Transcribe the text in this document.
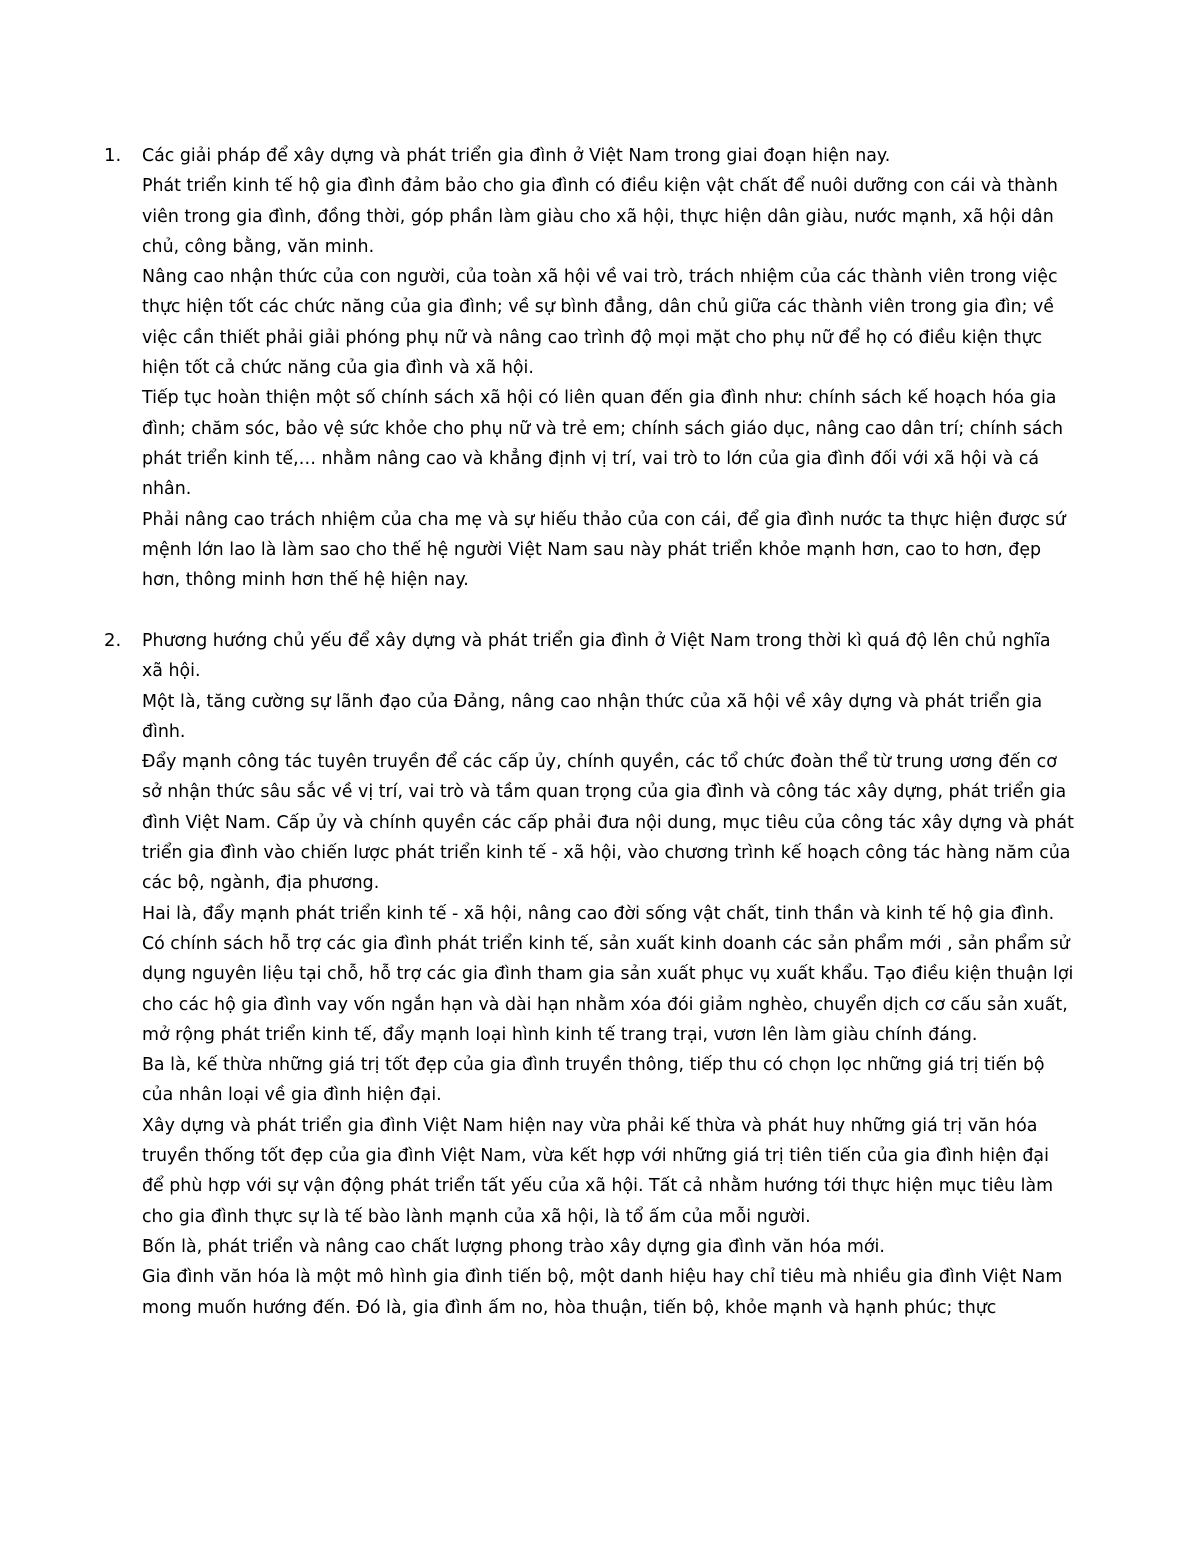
1. Các giải pháp để xây dựng và phát triển gia đình ở Việt Nam trong giai đoạn hiện nay.

Phát triển kinh tế hộ gia đình đảm bảo cho gia đình có điều kiện vật chất để nuôi dưỡng con cái và thành viên trong gia đình, đồng thời, góp phần làm giàu cho xã hội, thực hiện dân giàu, nước mạnh, xã hội dân chủ, công bằng, văn minh.

Nâng cao nhận thức của con người, của toàn xã hội về vai trò, trách nhiệm của các thành viên trong việc thực hiện tốt các chức năng của gia đình; về sự bình đẳng, dân chủ giữa các thành viên trong gia đìn; về việc cần thiết phải giải phóng phụ nữ và nâng cao trình độ mọi mặt cho phụ nữ để họ có điều kiện thực hiện tốt cả chức năng của gia đình và xã hội.

Tiếp tục hoàn thiện một số chính sách xã hội có liên quan đến gia đình như: chính sách kế hoạch hóa gia đình; chăm sóc, bảo vệ sức khỏe cho phụ nữ và trẻ em; chính sách giáo dục, nâng cao dân trí; chính sách phát triển kinh tế,… nhằm nâng cao và khẳng định vị trí, vai trò to lớn của gia đình đối với xã hội và cá nhân.

Phải nâng cao trách nhiệm của cha mẹ và sự hiếu thảo của con cái, để gia đình nước ta thực hiện được sứ mệnh lớn lao là làm sao cho thế hệ người Việt Nam sau này phát triển khỏe mạnh hơn, cao to hơn, đẹp hơn, thông minh hơn thế hệ hiện nay.

2. Phương hướng chủ yếu để xây dựng và phát triển gia đình ở Việt Nam trong thời kì quá độ lên chủ nghĩa xã hội.

Một là, tăng cường sự lãnh đạo của Đảng, nâng cao nhận thức của xã hội về xây dựng và phát triển gia đình.

Đẩy mạnh công tác tuyên truyền để các cấp ủy, chính quyền, các tổ chức đoàn thể từ trung ương đến cơ sở nhận thức sâu sắc về vị trí, vai trò và tầm quan trọng của gia đình và công tác xây dựng, phát triển gia đình Việt Nam. Cấp ủy và chính quyền các cấp phải đưa nội dung, mục tiêu của công tác xây dựng và phát triển gia đình vào chiến lược phát triển kinh tế - xã hội, vào chương trình kế hoạch công tác hàng năm của các bộ, ngành, địa phương.

Hai là, đẩy mạnh phát triển kinh tế - xã hội, nâng cao đời sống vật chất, tinh thần và kinh tế hộ gia đình.

Có chính sách hỗ trợ các gia đình phát triển kinh tế, sản xuất kinh doanh các sản phẩm mới , sản phẩm sử dụng nguyên liệu tại chỗ, hỗ trợ các gia đình tham gia sản xuất phục vụ xuất khẩu. Tạo điều kiện thuận lợi cho các hộ gia đình vay vốn ngắn hạn và dài hạn nhằm xóa đói giảm nghèo, chuyển dịch cơ cấu sản xuất, mở rộng phát triển kinh tế, đẩy mạnh loại hình kinh tế trang trại, vươn lên làm giàu chính đáng.

Ba là, kế thừa những giá trị tốt đẹp của gia đình truyền thông, tiếp thu có chọn lọc những giá trị tiến bộ của nhân loại về gia đình hiện đại.

Xây dựng và phát triển gia đình Việt Nam hiện nay vừa phải kế thừa và phát huy những giá trị văn hóa truyền thống tốt đẹp của gia đình Việt Nam, vừa kết hợp với những giá trị tiên tiến của gia đình hiện đại để phù hợp với sự vận động phát triển tất yếu của xã hội. Tất cả nhằm hướng tới thực hiện mục tiêu làm cho gia đình thực sự là tế bào lành mạnh của xã hội, là tổ ấm của mỗi người.

Bốn là, phát triển và nâng cao chất lượng phong trào xây dựng gia đình văn hóa mới.

Gia đình văn hóa là một mô hình gia đình tiến bộ, một danh hiệu hay chỉ tiêu mà nhiều gia đình Việt Nam mong muốn hướng đến. Đó là, gia đình ấm no, hòa thuận, tiến bộ, khỏe mạnh và hạnh phúc; thực
